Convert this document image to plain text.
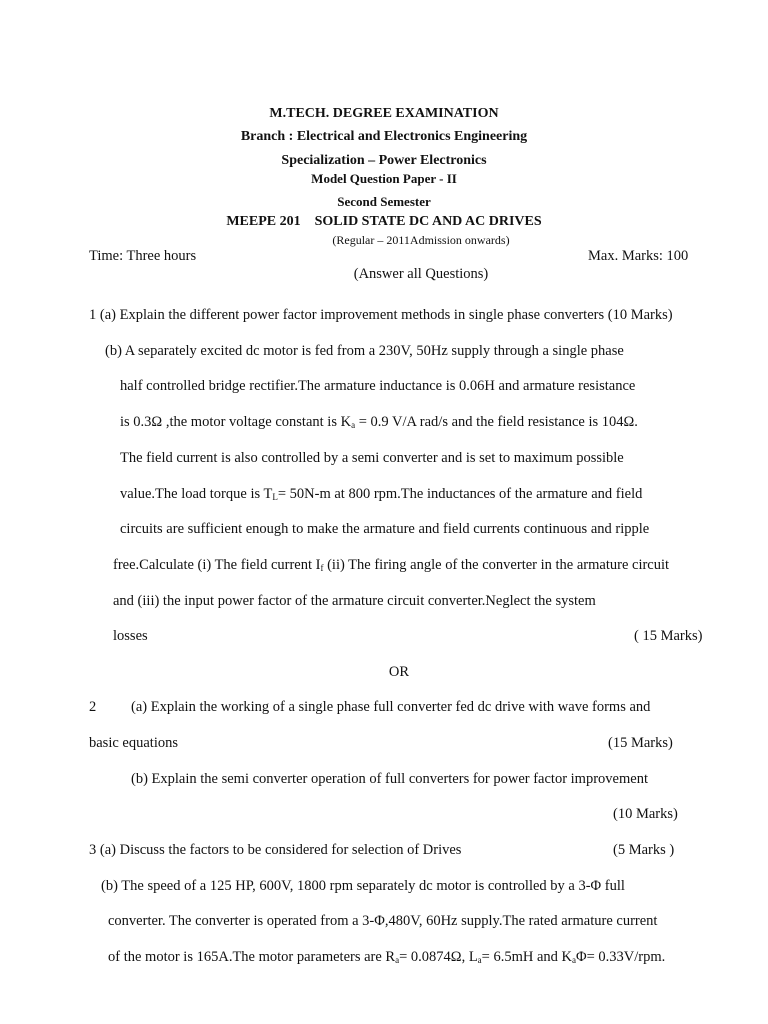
M.TECH. DEGREE EXAMINATION
Branch : Electrical and Electronics Engineering
Specialization – Power Electronics
Model Question Paper - II
Second Semester
MEEPE 201 SOLID STATE DC AND AC DRIVES
(Regular – 2011Admission onwards)
Time: Three hours	Max. Marks: 100
(Answer all Questions)
1 (a) Explain the different power factor improvement methods in single phase converters (10 Marks)
(b) A separately excited dc motor is fed from a 230V, 50Hz supply through a single phase
half controlled bridge rectifier.The armature inductance is 0.06H and armature resistance
is 0.3Ω ,the motor voltage constant is $K_a = 0.9$ V/A rad/s and the field resistance is 104Ω.
The field current is also controlled by a semi converter and is set to maximum possible
value.The load torque is $T_L= 50N-m$ at 800 rpm.The inductances of the armature and field
circuits are sufficient enough to make the armature and field currents continuous and ripple
free.Calculate (i) The field current $I_f$ (ii) The firing angle of the converter in the armature circuit
and (iii) the input power factor of the armature circuit converter.Neglect the system
losses	( 15 Marks)
OR
2 (a) Explain the working of a single phase full converter fed dc drive with wave forms and
basic equations	(15 Marks)
(b) Explain the semi converter operation of full converters for power factor improvement
(10 Marks)
3 (a) Discuss the factors to be considered for selection of Drives	(5 Marks )
(b) The speed of a 125 HP, 600V, 1800 rpm separately dc motor is controlled by a 3-Φ full
converter. The converter is operated from a 3-Φ,480V, 60Hz supply.The rated armature current
of the motor is 165A.The motor parameters are $R_a= 0.0874\Omega$, $L_a= 6.5mH$ and $K_a\Phi= 0.33V/rpm$.
